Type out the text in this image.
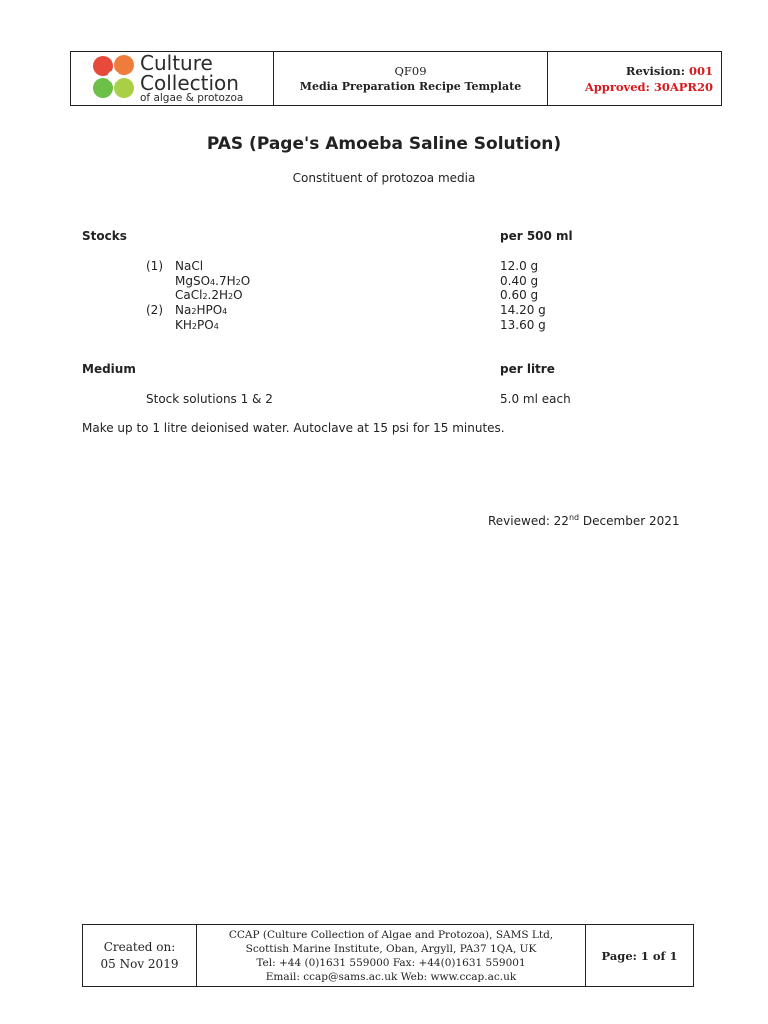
Culture
Collection
of algae & protozoa
QF09
Media Preparation Recipe Template
Revision: 001
Approved: 30APR20
PAS (Page's Amoeba Saline Solution)
Constituent of protozoa media
Stocks	per 500 ml
(1) NaCl	12.0 g
MgSO4.7H2O	0.40 g
CaCl2.2H2O	0.60 g
(2) Na2HPO4	14.20 g
KH2PO4	13.60 g
Medium	per litre
Stock solutions 1 & 2	5.0 ml each
Make up to 1 litre deionised water. Autoclave at 15 psi for 15 minutes.
Reviewed: 22nd December 2021
Created on:
05 Nov 2019
CCAP (Culture Collection of Algae and Protozoa), SAMS Ltd,
Scottish Marine Institute, Oban, Argyll, PA37 1QA, UK
Tel: +44 (0)1631 559000 Fax: +44(0)1631 559001
Email: ccap@sams.ac.uk Web: www.ccap.ac.uk
Page: 1 of 1
